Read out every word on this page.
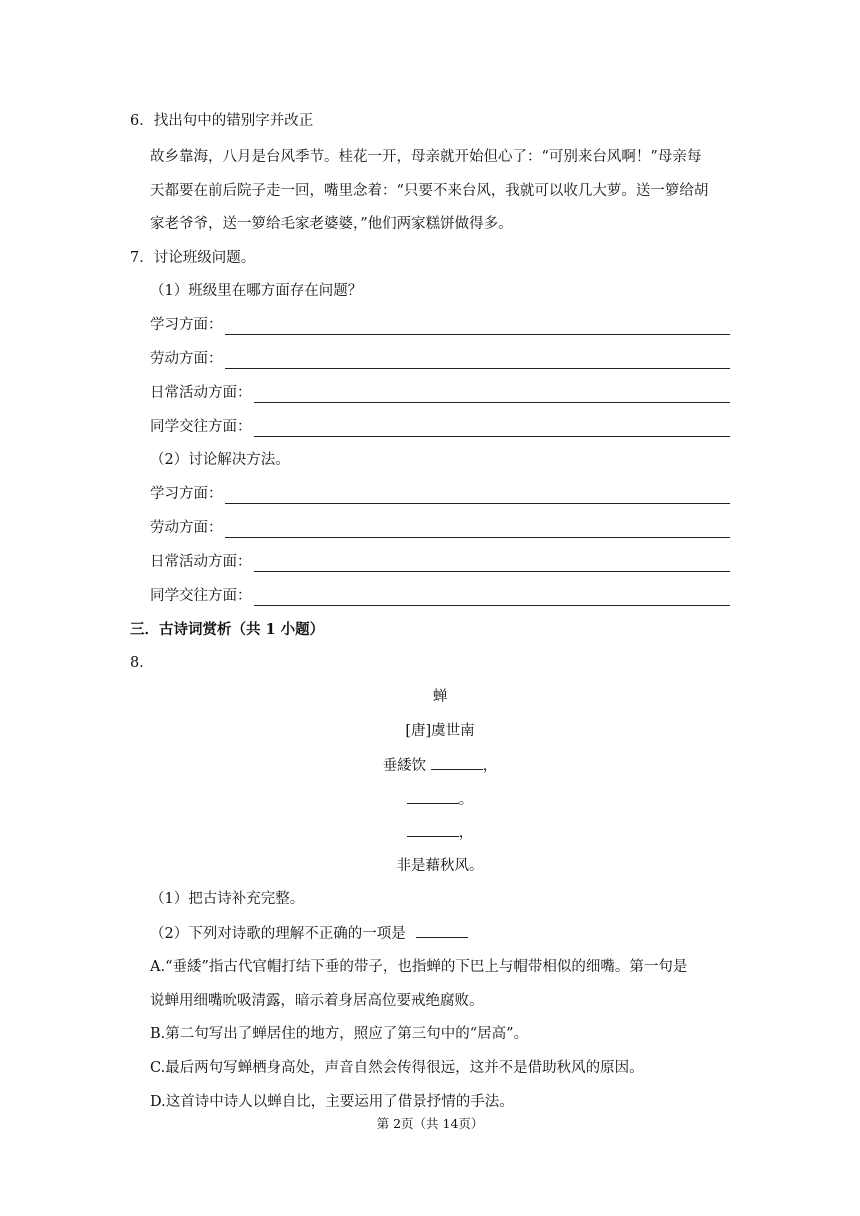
6．找出句中的错别字并改正
故乡靠海，八月是台风季节。桂花一开，母亲就开始但心了：“可别来台风啊！”母亲每
天都要在前后院子走一回，嘴里念着：“只要不来台风，我就可以收几大萝。送一箩给胡
家老爷爷，送一箩给毛家老婆婆，”他们两家糕饼做得多。
7．讨论班级问题。
（1）班级里在哪方面存在问题？
学习方面：
劳动方面：
日常活动方面：
同学交往方面：
（2）讨论解决方法。
学习方面：
劳动方面：
日常活动方面：
同学交往方面：
三．古诗词赏析（共 1 小题）
8．
蝉
[唐]虞世南
垂緌饮	，
。
，
非是藉秋风。
（1）把古诗补充完整。
（2）下列对诗歌的理解不正确的一项是
A.“垂緌”指古代官帽打结下垂的带子，也指蝉的下巴上与帽带相似的细嘴。第一句是
说蝉用细嘴吮吸清露，暗示着身居高位要戒绝腐败。
B.第二句写出了蝉居住的地方，照应了第三句中的“居高”。
C.最后两句写蝉栖身高处，声音自然会传得很远，这并不是借助秋风的原因。
D.这首诗中诗人以蝉自比，主要运用了借景抒情的手法。
第 2页（共 14页）
